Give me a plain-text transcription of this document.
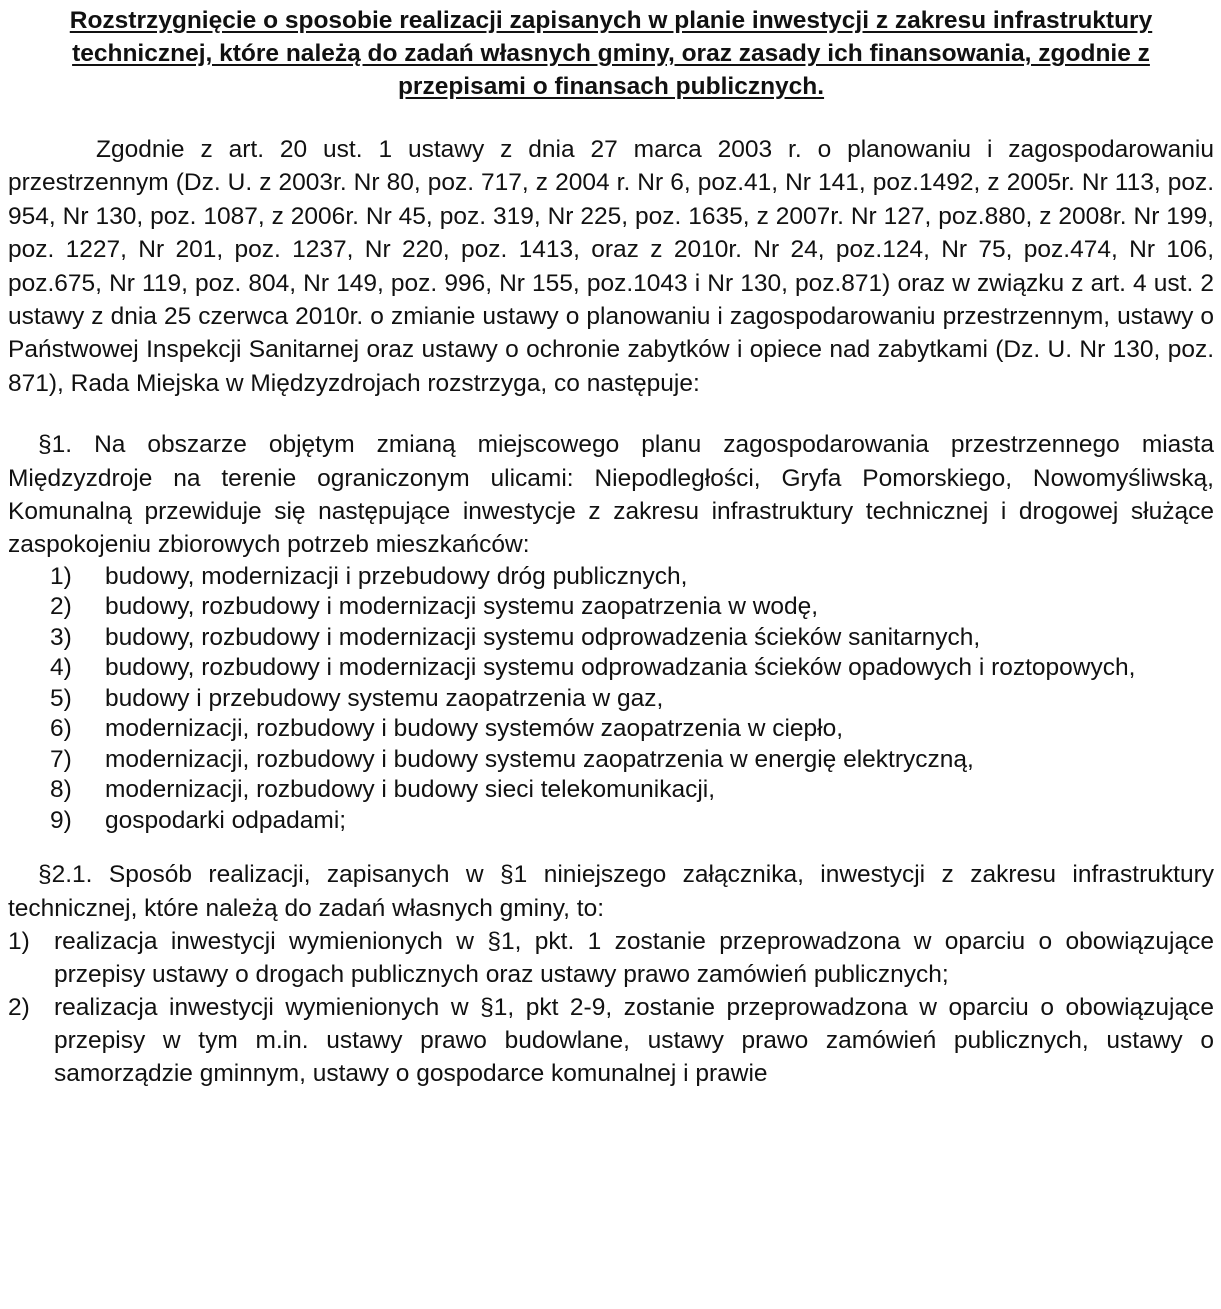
Rozstrzygnięcie o sposobie realizacji zapisanych w planie inwestycji z zakresu infrastruktury technicznej, które należą do zadań własnych gminy, oraz zasady ich finansowania, zgodnie z przepisami o finansach publicznych.

Zgodnie z art. 20 ust. 1 ustawy z dnia 27 marca 2003 r. o planowaniu i zagospodarowaniu przestrzennym (Dz. U. z 2003r. Nr 80, poz. 717, z 2004 r. Nr 6, poz.41, Nr 141, poz.1492, z 2005r. Nr 113, poz. 954, Nr 130, poz. 1087, z 2006r. Nr 45, poz. 319, Nr 225, poz. 1635, z 2007r. Nr 127, poz.880, z 2008r. Nr 199, poz. 1227, Nr 201, poz. 1237, Nr 220, poz. 1413, oraz z 2010r. Nr 24, poz.124, Nr 75, poz.474, Nr 106, poz.675, Nr 119, poz. 804, Nr 149, poz. 996, Nr 155, poz.1043 i Nr 130, poz.871) oraz w związku z art. 4 ust. 2 ustawy z dnia 25 czerwca 2010r. o zmianie ustawy o planowaniu i zagospodarowaniu przestrzennym, ustawy o Państwowej Inspekcji Sanitarnej oraz ustawy o ochronie zabytków i opiece nad zabytkami (Dz. U. Nr 130, poz. 871), Rada Miejska w Międzyzdrojach rozstrzyga, co następuje:

§1. Na obszarze objętym zmianą miejscowego planu zagospodarowania przestrzennego miasta Międzyzdroje na terenie ograniczonym ulicami: Niepodległości, Gryfa Pomorskiego, Nowomyśliwską, Komunalną przewiduje się następujące inwestycje z zakresu infrastruktury technicznej i drogowej służące zaspokojeniu zbiorowych potrzeb mieszkańców:

1)	budowy, modernizacji i przebudowy dróg publicznych,
2)	budowy, rozbudowy i modernizacji systemu zaopatrzenia w wodę,
3)	budowy, rozbudowy i modernizacji systemu odprowadzenia ścieków sanitarnych,
4)	budowy, rozbudowy i modernizacji systemu odprowadzania ścieków opadowych i roztopowych,
5)	budowy i przebudowy systemu zaopatrzenia w gaz,
6)	modernizacji, rozbudowy i budowy systemów zaopatrzenia w ciepło,
7)	modernizacji, rozbudowy i budowy systemu zaopatrzenia w energię elektryczną,
8)	modernizacji, rozbudowy i budowy sieci telekomunikacji,
9)	gospodarki odpadami;

§2.1. Sposób realizacji, zapisanych w §1 niniejszego załącznika, inwestycji z zakresu infrastruktury technicznej, które należą do zadań własnych gminy, to:

1) realizacja inwestycji wymienionych w §1, pkt. 1 zostanie przeprowadzona w oparciu o obowiązujące przepisy ustawy o drogach publicznych oraz ustawy prawo zamówień publicznych;
2) realizacja inwestycji wymienionych w §1, pkt 2-9, zostanie przeprowadzona w oparciu o obowiązujące przepisy w tym m.in. ustawy prawo budowlane, ustawy prawo zamówień publicznych, ustawy o samorządzie gminnym, ustawy o gospodarce komunalnej i prawie
